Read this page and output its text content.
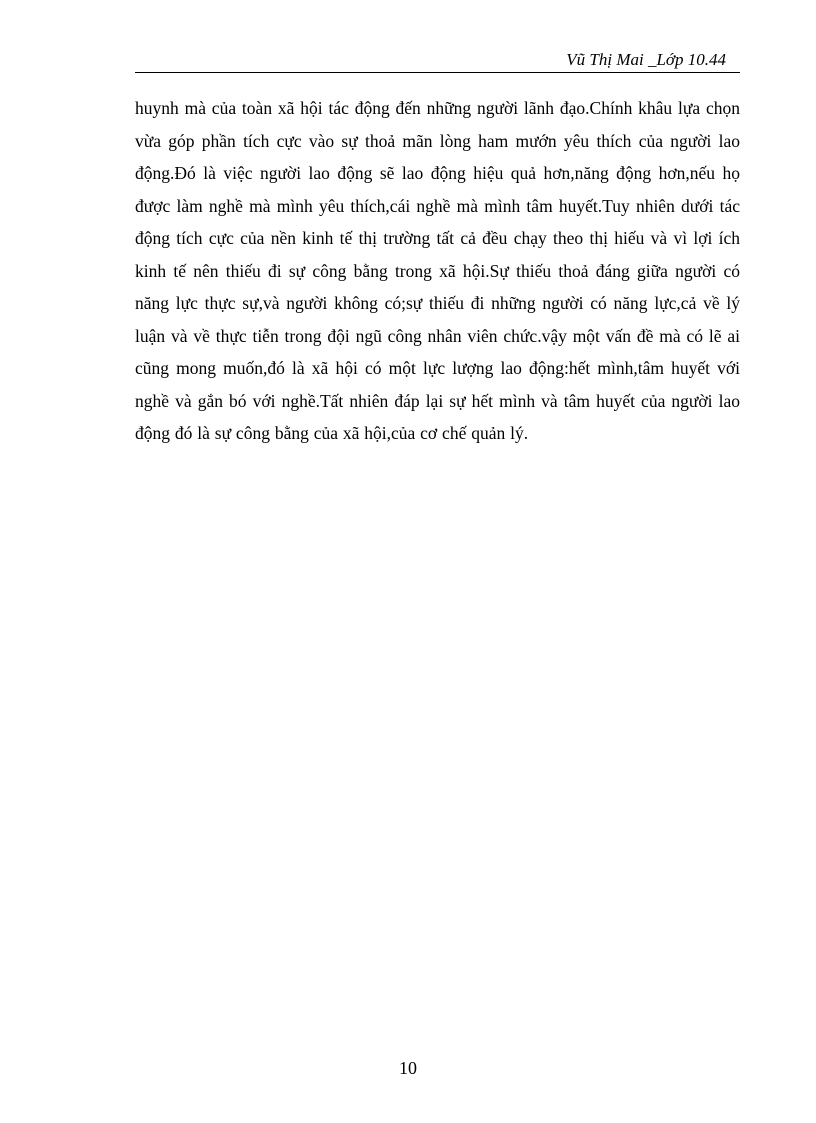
Vũ Thị Mai _Lớp 10.44

huynh mà của toàn xã hội tác động đến những người lãnh đạo.Chính khâu lựa chọn vừa góp phần tích cực vào sự thoả mãn lòng ham mướn yêu thích của người lao động.Đó là việc người lao động sẽ lao động hiệu quả hơn,năng động hơn,nếu họ được làm nghề mà mình yêu thích,cái nghề mà mình tâm huyết.Tuy nhiên dưới tác động tích cực của nền kinh tế thị trường tất cả đều chạy theo thị hiếu và vì lợi ích kinh tế nên thiếu đi sự công bằng trong xã hội.Sự thiếu thoả đáng giữa người có năng lực thực sự,và người không có;sự thiếu đi những người có năng lực,cả về lý luận và về thực tiễn trong đội ngũ công nhân viên chức.vậy một vấn đề mà có lẽ ai cũng mong muốn,đó là xã hội có một lực lượng lao động:hết mình,tâm huyết với nghề và gắn bó với nghề.Tất nhiên đáp lại sự hết mình và tâm huyết của người lao động đó là sự công bằng của xã hội,của cơ chế quản lý.

10
